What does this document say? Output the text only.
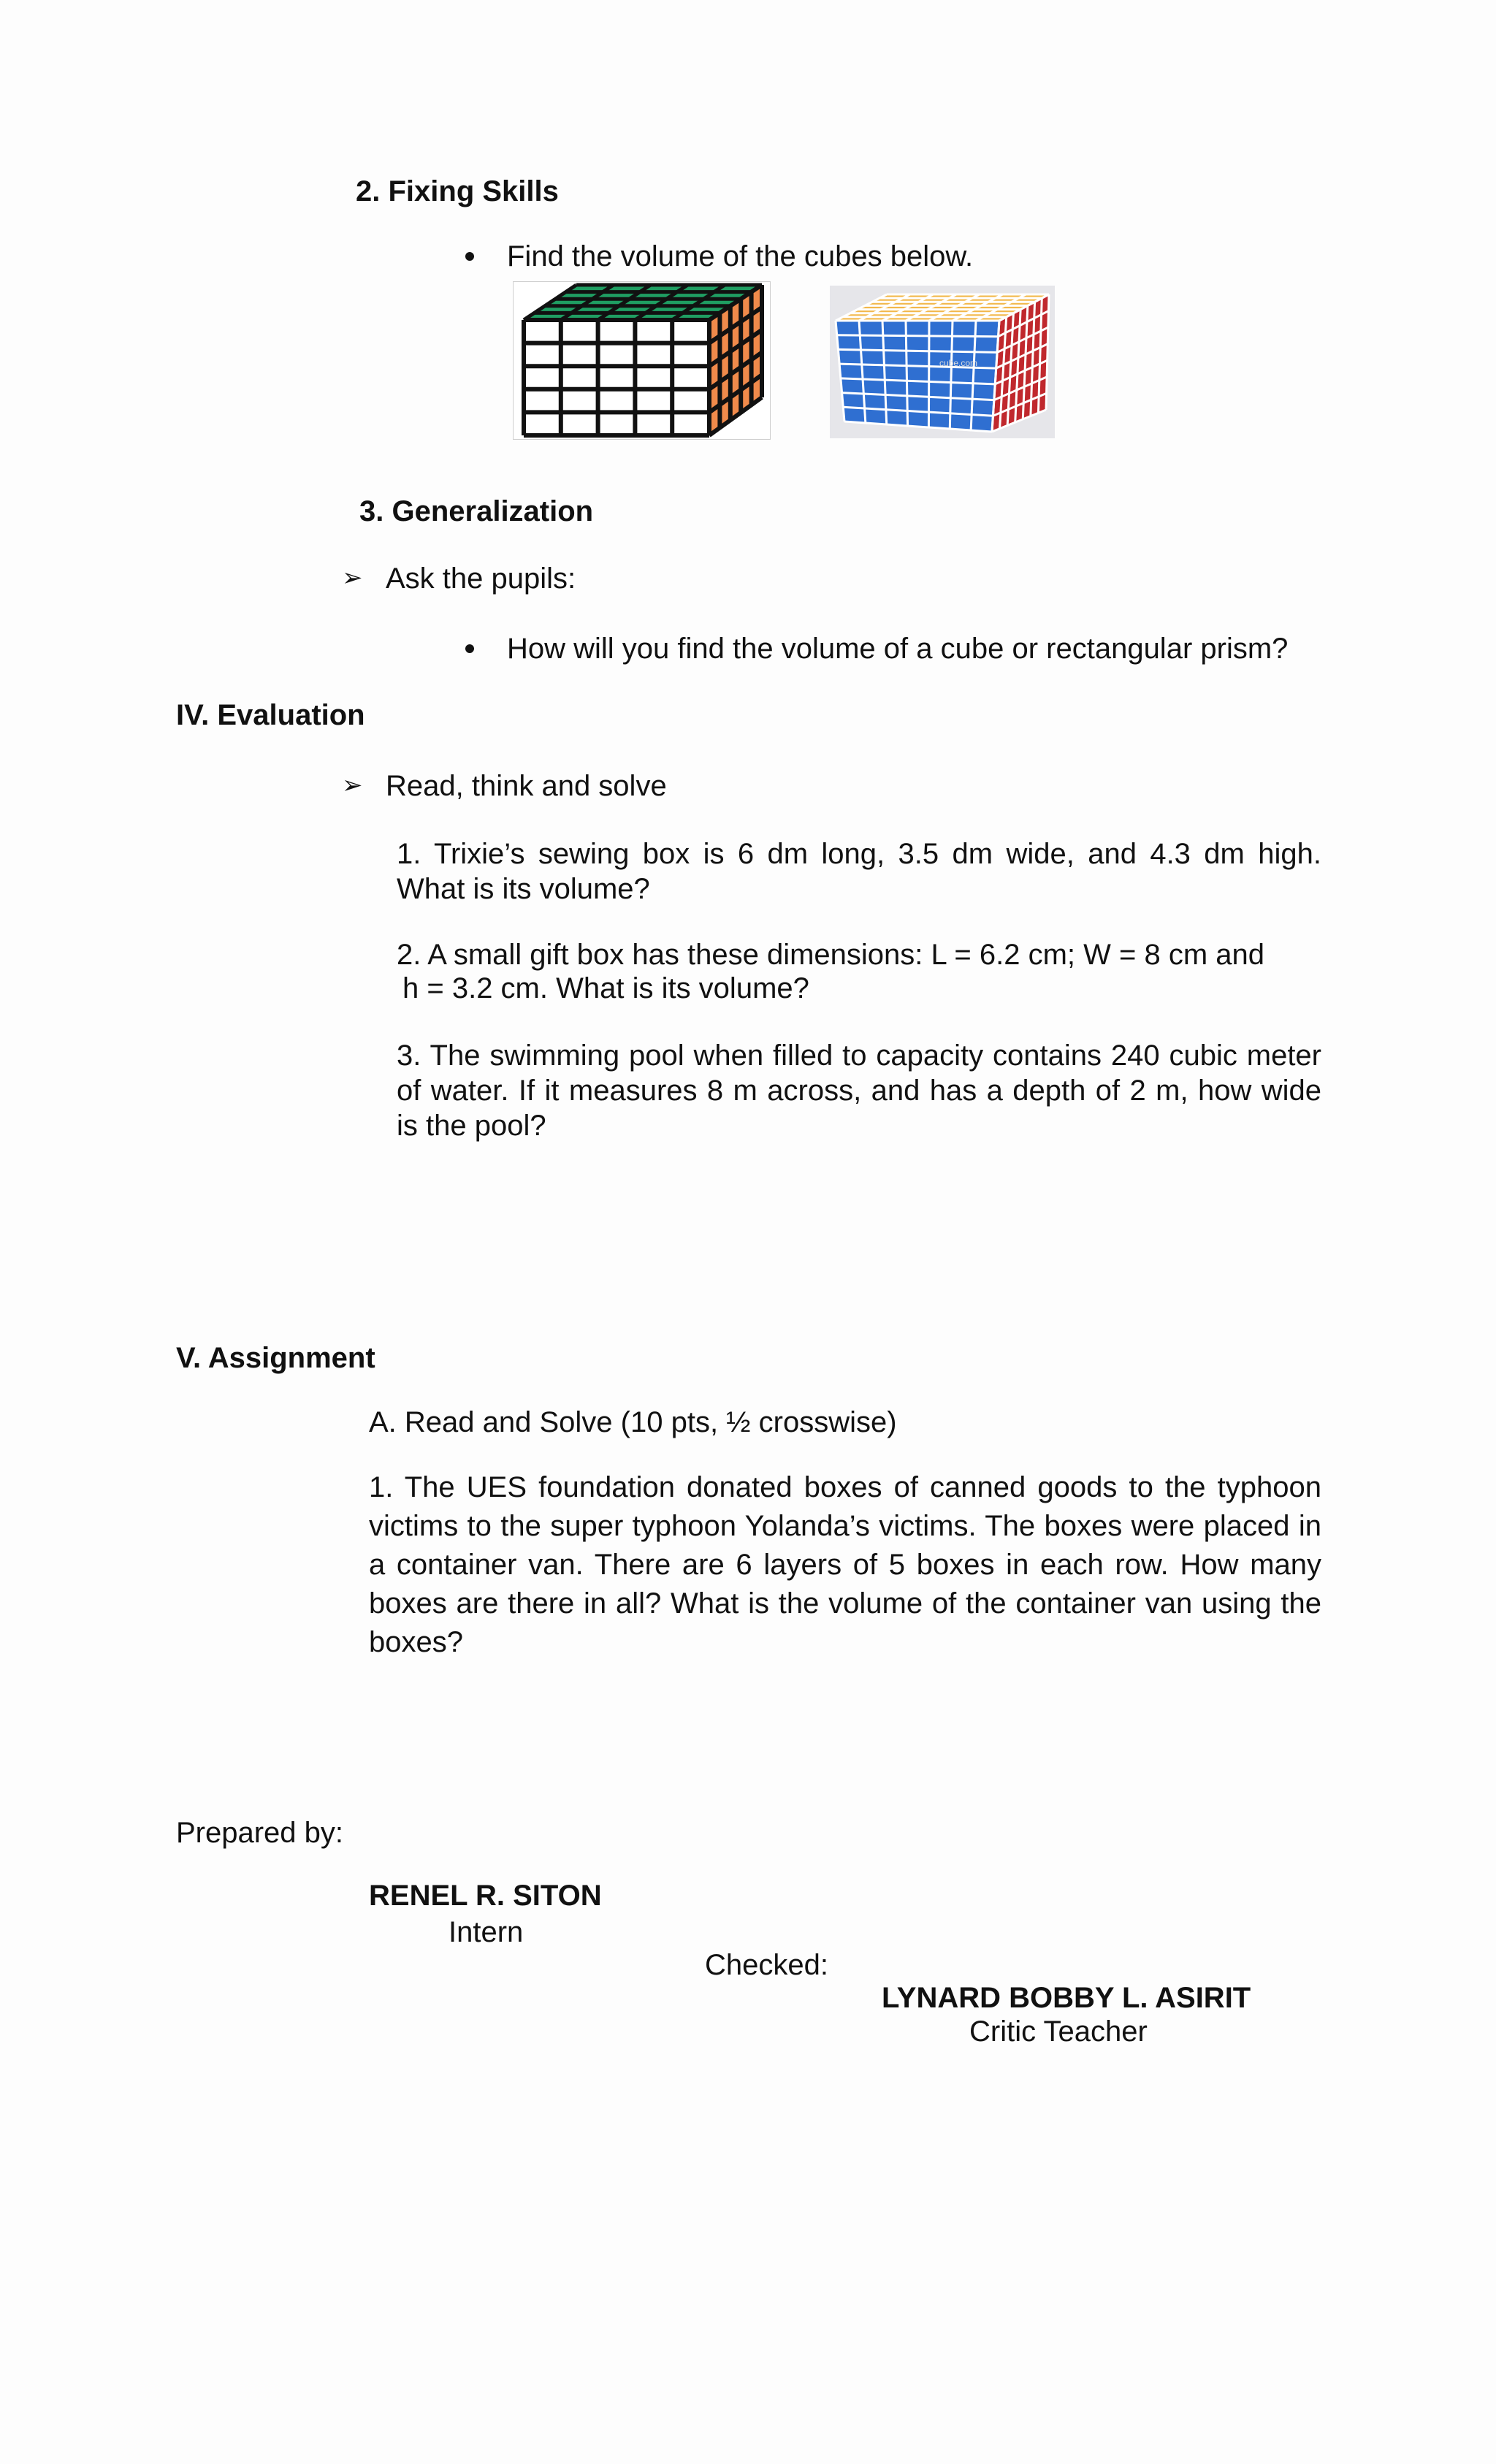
2. Fixing Skills
Find the volume of the cubes below.
cube.com
3. Generalization
➢ Ask the pupils:
How will you find the volume of a cube or rectangular prism?
IV. Evaluation
➢ Read, think and solve
1. Trixie’s sewing box is 6 dm long, 3.5 dm wide, and 4.3 dm high. What is its volume?
2. A small gift box has these dimensions: L = 6.2 cm; W = 8 cm and
h = 3.2 cm. What is its volume?
3. The swimming pool when filled to capacity contains 240 cubic meter of water. If it measures 8 m across, and has a depth of 2 m, how wide is the pool?
V. Assignment
A. Read and Solve (10 pts, ½ crosswise)
1. The UES foundation donated boxes of canned goods to the typhoon victims to the super typhoon Yolanda’s victims. The boxes were placed in a container van. There are 6 layers of 5 boxes in each row. How many boxes are there in all? What is the volume of the container van using the boxes?
Prepared by:
RENEL R. SITON
Intern
Checked:
LYNARD BOBBY L. ASIRIT
Critic Teacher
